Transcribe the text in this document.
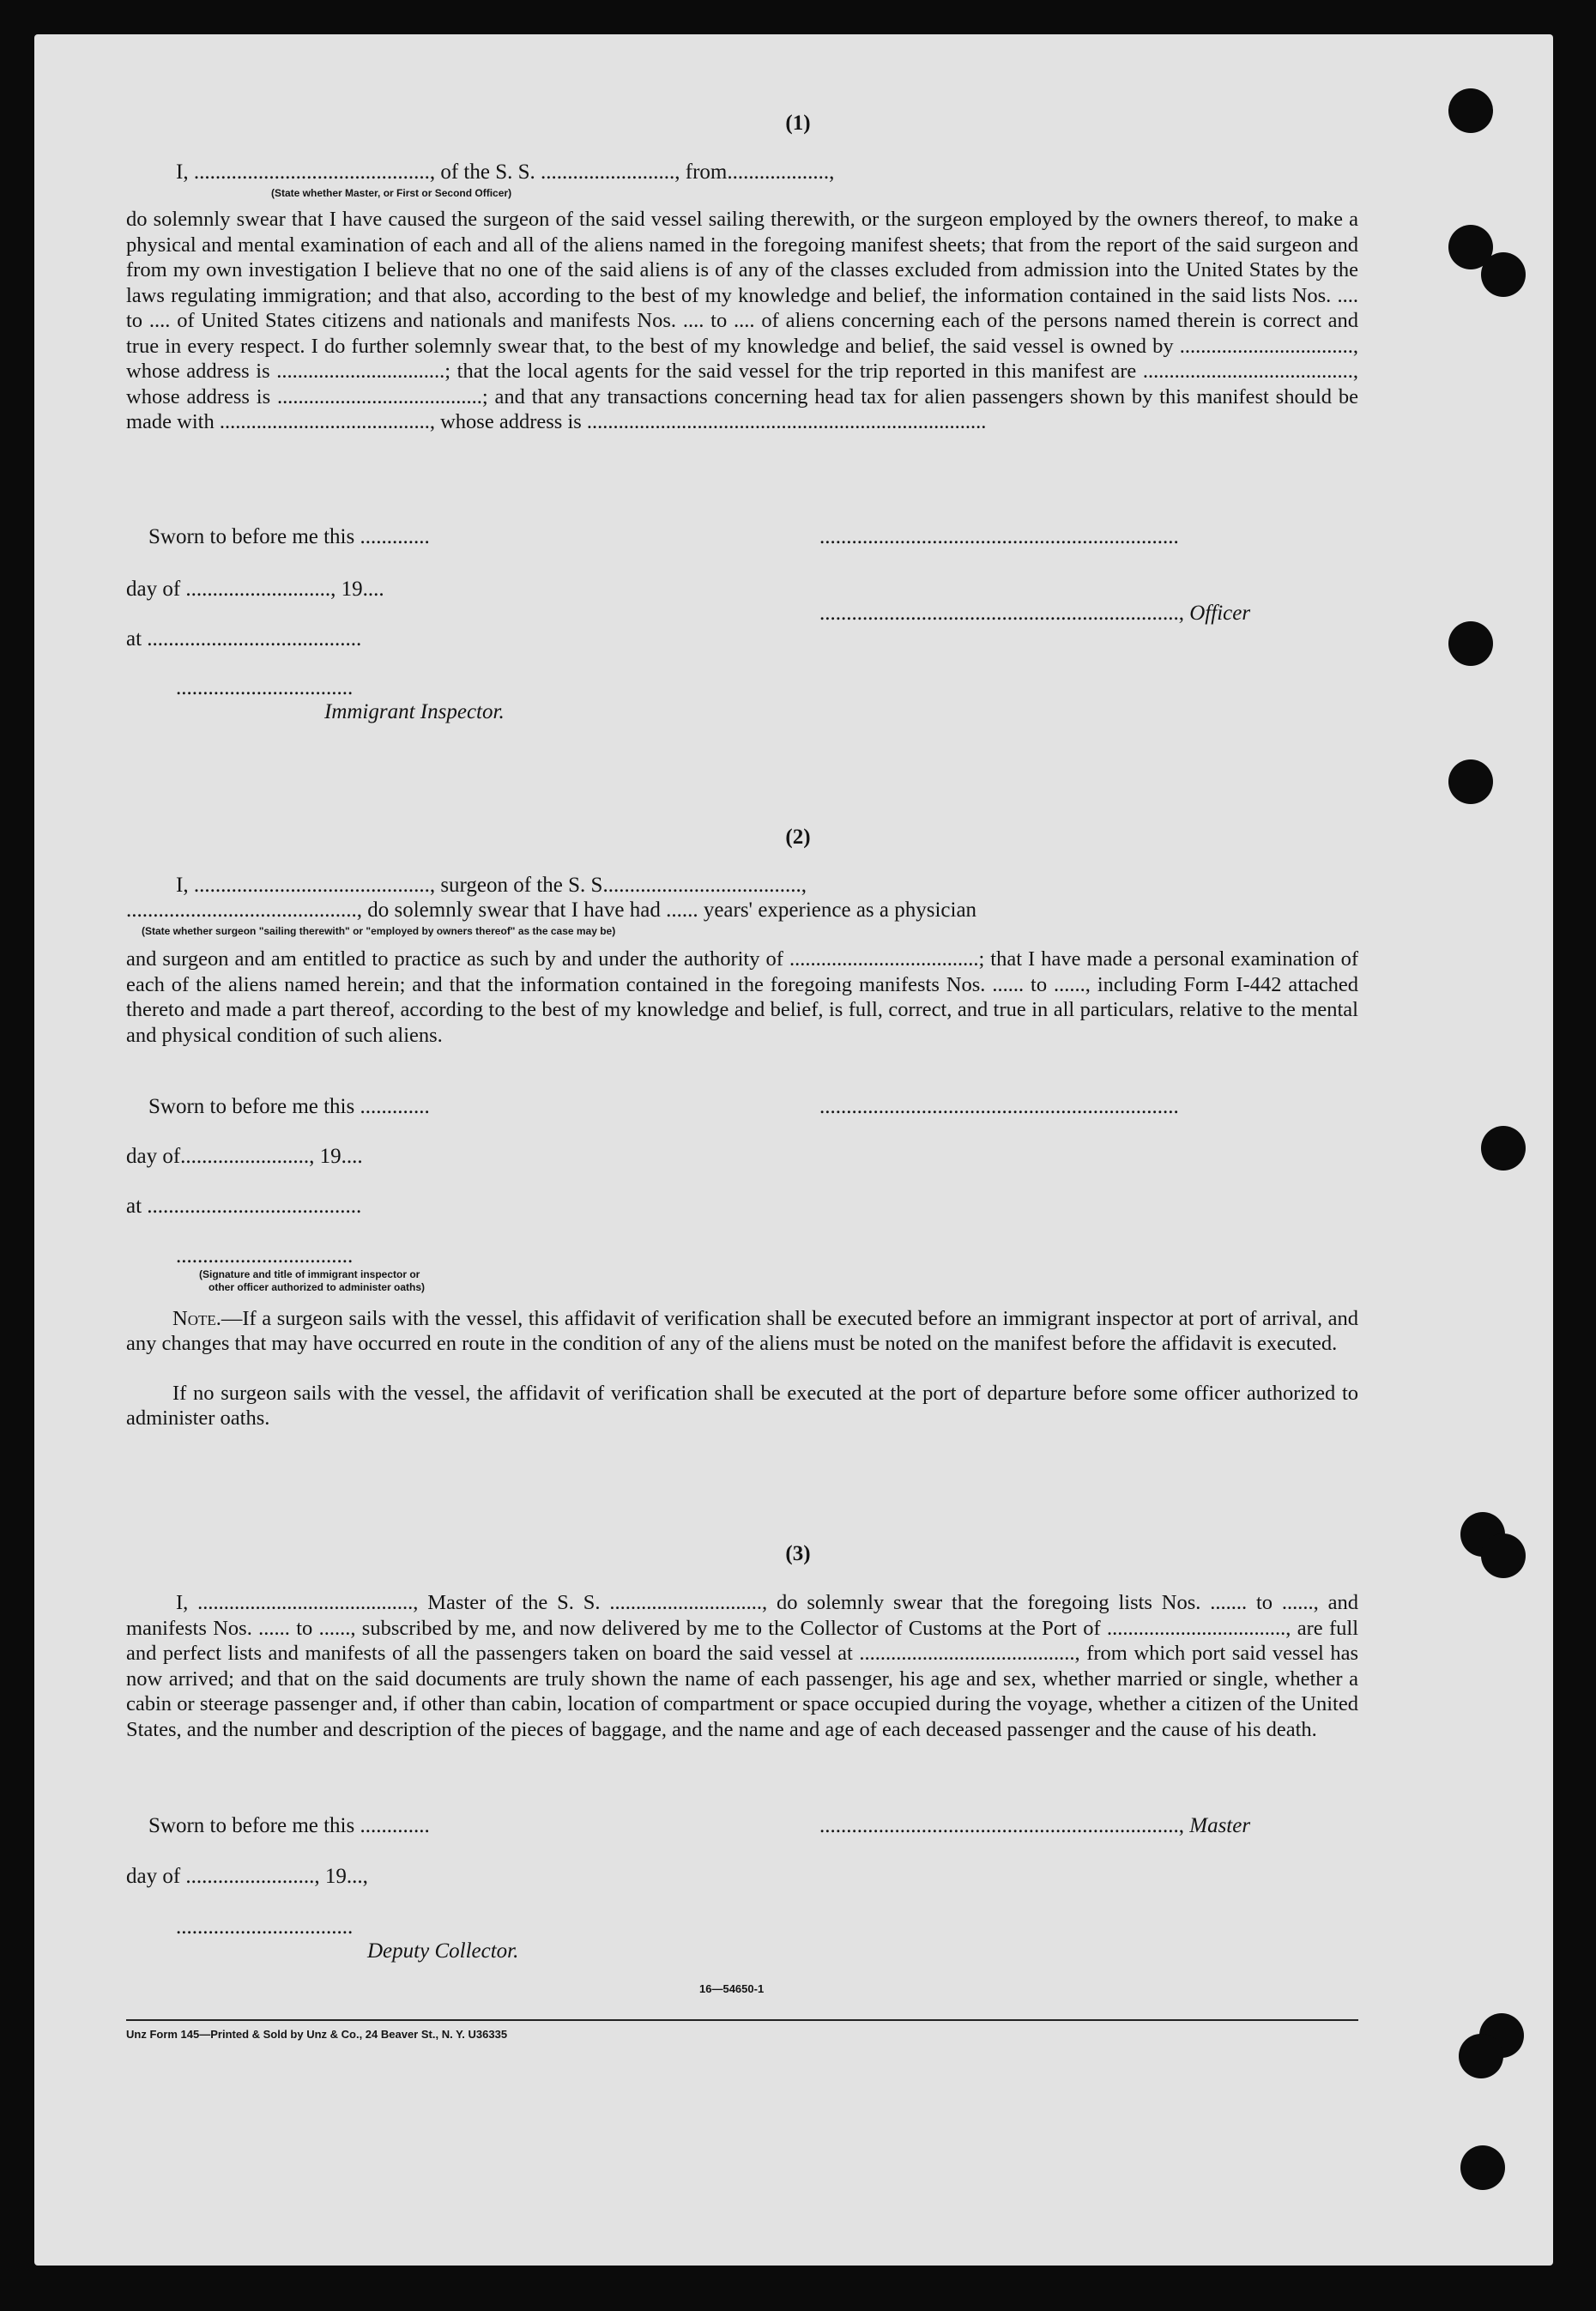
(1)
I, ............................................, of the S. S. ........................., from...................,
(State whether Master, or First or Second Officer)
do solemnly swear that I have caused the surgeon of the said vessel sailing therewith, or the surgeon employed by the owners thereof, to make a physical and mental examination of each and all of the aliens named in the foregoing manifest sheets; that from the report of the said surgeon and from my own investigation I believe that no one of the said aliens is of any of the classes excluded from admission into the United States by the laws regulating immigration; and that also, according to the best of my knowledge and belief, the information contained in the said lists Nos. .... to .... of United States citizens and nationals and manifests Nos. .... to .... of aliens concerning each of the persons named therein is correct and true in every respect. I do further solemnly swear that, to the best of my knowledge and belief, the said vessel is owned by ................................., whose address is ................................; that the local agents for the said vessel for the trip reported in this manifest are ........................................, whose address is .......................................; and that any transactions concerning head tax for alien passengers shown by this manifest should be made with ........................................, whose address is ............................................................................
Sworn to before me this .............	...................................................................
day of ..........................., 19....
..................................................................., Officer
at ........................................
.................................
Immigrant Inspector.
(2)
I, ............................................, surgeon of the S. S.....................................,
..........................................., do solemnly swear that I have had ...... years' experience as a physician
(State whether surgeon "sailing therewith" or "employed by owners thereof" as the case may be)
and surgeon and am entitled to practice as such by and under the authority of ....................................; that I have made a personal examination of each of the aliens named herein; and that the information contained in the foregoing manifests Nos. ...... to ......, including Form I-442 attached thereto and made a part thereof, according to the best of my knowledge and belief, is full, correct, and true in all particulars, relative to the mental and physical condition of such aliens.
Sworn to before me this .............	...................................................................
day of........................, 19....
at ........................................
.................................
(Signature and title of immigrant inspector or
other officer authorized to administer oaths)
Note.—If a surgeon sails with the vessel, this affidavit of verification shall be executed before an immigrant inspector at port of arrival, and any changes that may have occurred en route in the condition of any of the aliens must be noted on the manifest before the affidavit is executed.
If no surgeon sails with the vessel, the affidavit of verification shall be executed at the port of departure before some officer authorized to administer oaths.
(3)
I, ........................................., Master of the S. S. ............................., do solemnly swear that the foregoing lists Nos. ....... to ......, and manifests Nos. ...... to ......, subscribed by me, and now delivered by me to the Collector of Customs at the Port of .................................., are full and perfect lists and manifests of all the passengers taken on board the said vessel at ........................................., from which port said vessel has now arrived; and that on the said documents are truly shown the name of each passenger, his age and sex, whether married or single, whether a cabin or steerage passenger and, if other than cabin, location of compartment or space occupied during the voyage, whether a citizen of the United States, and the number and description of the pieces of baggage, and the name and age of each deceased passenger and the cause of his death.
Sworn to before me this .............	..................................................................., Master
day of ........................, 19...,
.................................
Deputy Collector.
16—54650-1
Unz Form 145—Printed & Sold by Unz & Co., 24 Beaver St., N. Y. U36335
